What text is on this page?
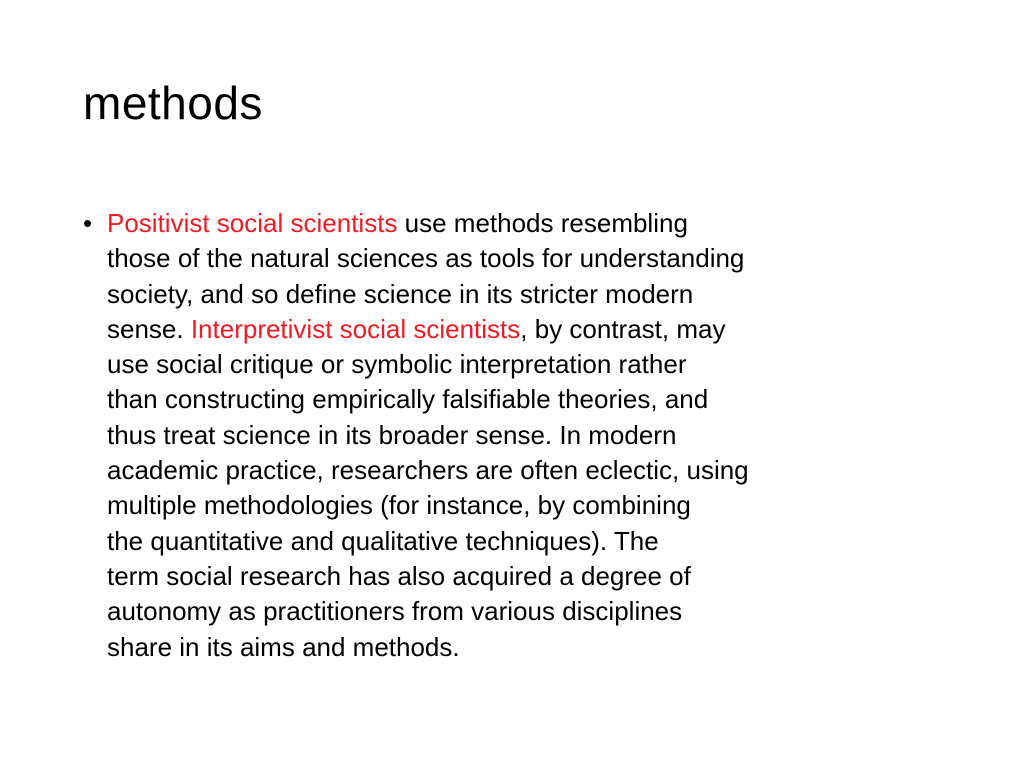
methods
• Positivist social scientists use methods resembling
those of the natural sciences as tools for understanding
society, and so define science in its stricter modern
sense. Interpretivist social scientists, by contrast, may
use social critique or symbolic interpretation rather
than constructing empirically falsifiable theories, and
thus treat science in its broader sense. In modern
academic practice, researchers are often eclectic, using
multiple methodologies (for instance, by combining
the quantitative and qualitative techniques). The
term social research has also acquired a degree of
autonomy as practitioners from various disciplines
share in its aims and methods.
